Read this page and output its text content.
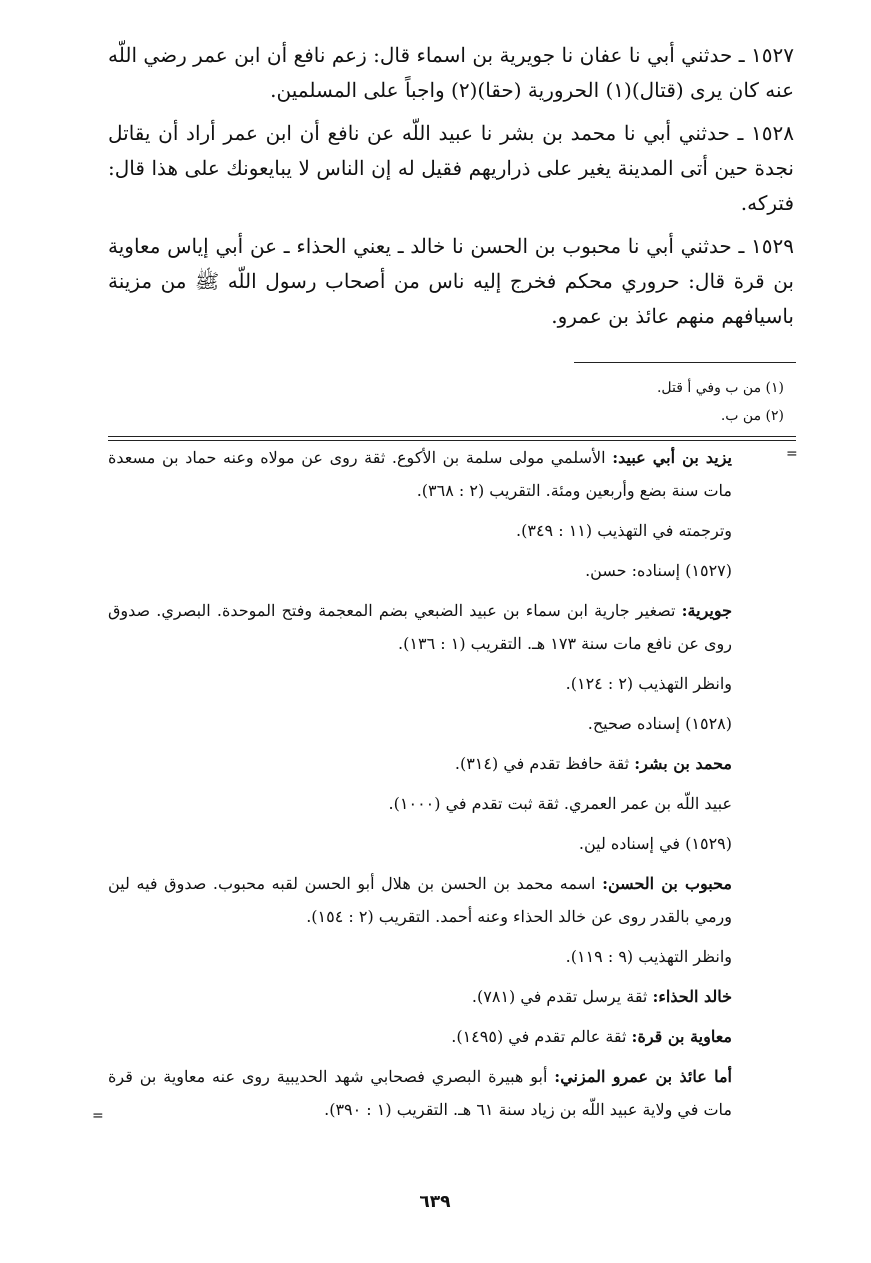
١٥٢٧ ـ حدثني أبي نا عفان نا جويرية بن اسماء قال: زعم نافع أن ابن عمر رضي اللّه عنه كان يرى (قتال)(١) الحرورية (حقا)(٢) واجباً على المسلمين.

١٥٢٨ ـ حدثني أبي نا محمد بن بشر نا عبيد اللّه عن نافع أن ابن عمر أراد أن يقاتل نجدة حين أتى المدينة يغير على ذراريهم فقيل له إن الناس لا يبايعونك على هذا قال: فتركه.

١٥٢٩ ـ حدثني أبي نا محبوب بن الحسن نا خالد ـ يعني الحذاء ـ عن أبي إياس معاوية بن قرة قال: حروري محكم فخرج إليه ناس من أصحاب رسول اللّه ﷺ من مزينة باسيافهم منهم عائذ بن عمرو.

(١) من ب وفي أ قتل.

(٢) من ب.

=

يزيد بن أبي عبيد: الأسلمي مولى سلمة بن الأكوع. ثقة روى عن مولاه وعنه حماد بن مسعدة مات سنة بضع وأربعين ومئة. التقريب (٢ : ٣٦٨).

وترجمته في التهذيب (١١ : ٣٤٩).

(١٥٢٧) إسناده: حسن.

جويرية: تصغير جارية ابن سماء بن عبيد الضبعي بضم المعجمة وفتح الموحدة. البصري. صدوق روى عن نافع مات سنة ١٧٣ هـ. التقريب (١ : ١٣٦).

وانظر التهذيب (٢ : ١٢٤).

(١٥٢٨) إسناده صحيح.

محمد بن بشر: ثقة حافظ تقدم في (٣١٤).

عبيد اللّه بن عمر العمري. ثقة ثبت تقدم في (١٠٠٠).

(١٥٢٩) في إسناده لين.

محبوب بن الحسن: اسمه محمد بن الحسن بن هلال أبو الحسن لقبه محبوب. صدوق فيه لين ورمي بالقدر روى عن خالد الحذاء وعنه أحمد. التقريب (٢ : ١٥٤).

وانظر التهذيب (٩ : ١١٩).

خالد الحذاء: ثقة يرسل تقدم في (٧٨١).

معاوية بن قرة: ثقة عالم تقدم في (١٤٩٥).

أما عائذ بن عمرو المزني: أبو هبيرة البصري فصحابي شهد الحديبية روى عنه معاوية بن قرة مات في ولاية عبيد اللّه بن زياد سنة ٦١ هـ. التقريب (١ : ٣٩٠).

=
٦٣٩
